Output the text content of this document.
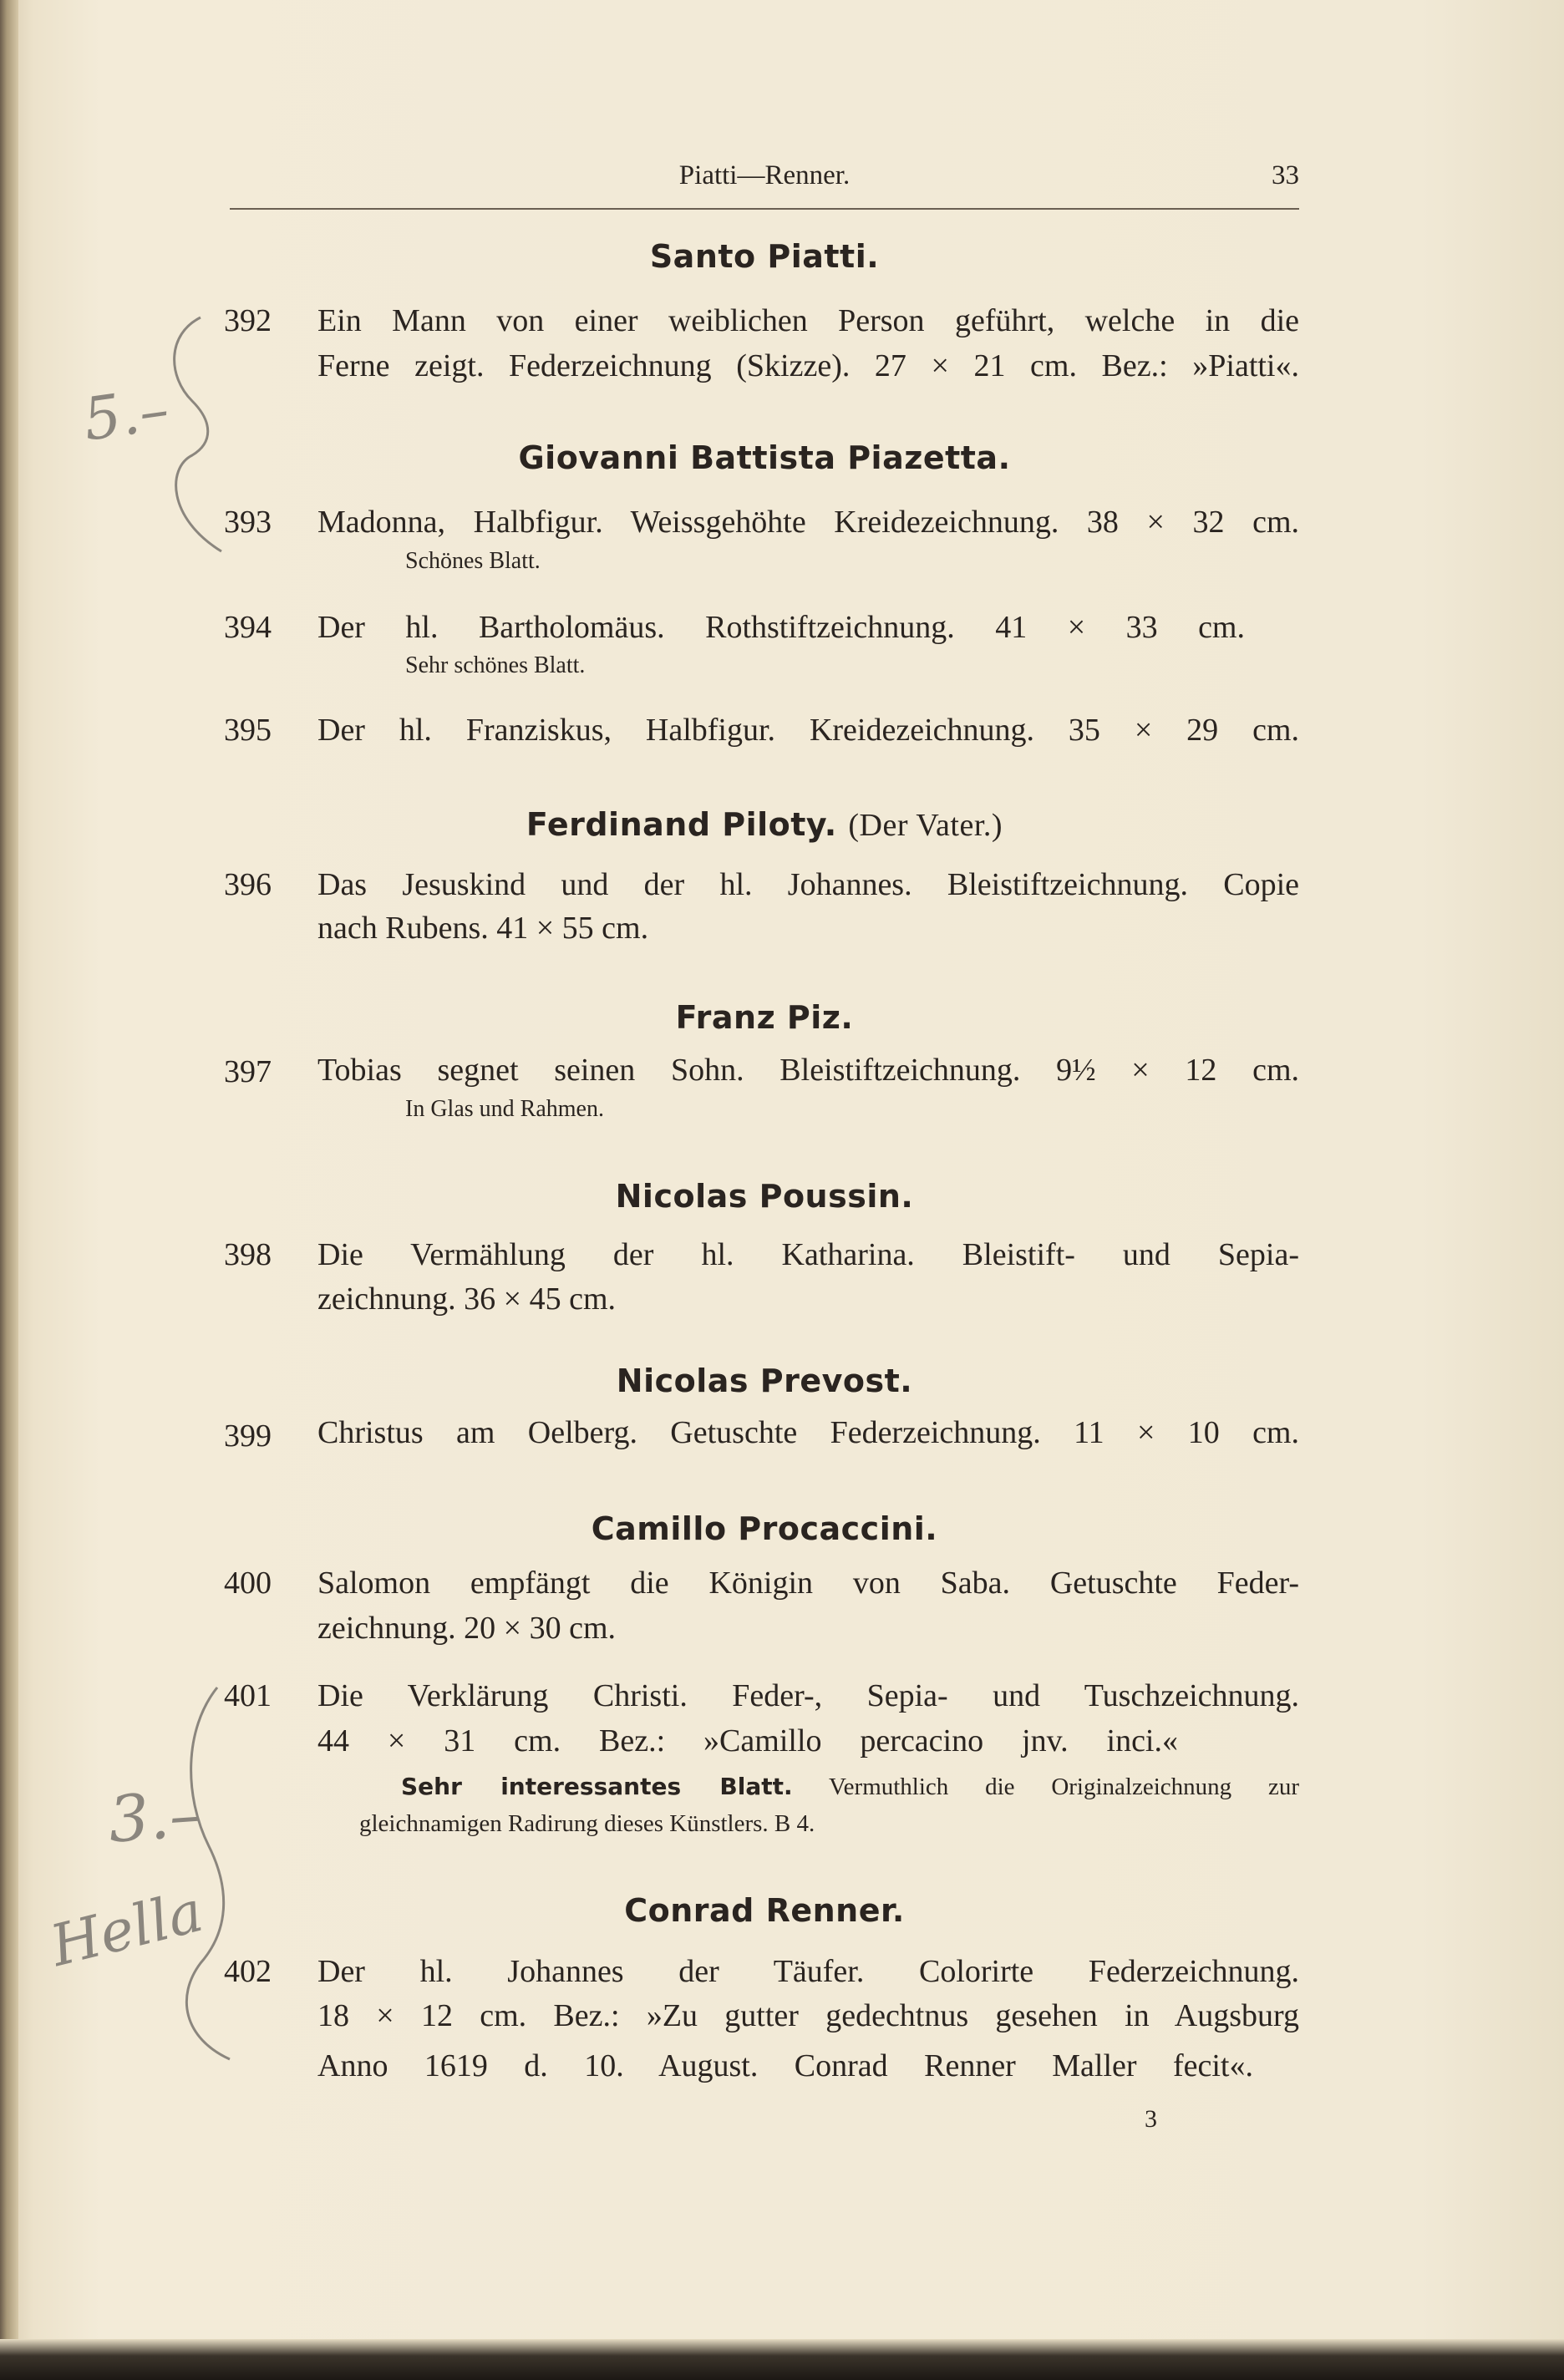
Piatti—Renner.	33
Santo Piatti.
392	Ein Mann von einer weiblichen Person geführt, welche in die
Ferne zeigt. Federzeichnung (Skizze). 27 × 21 cm. Bez.: »Piatti«.
Giovanni Battista Piazetta.
393	Madonna, Halbfigur. Weissgehöhte Kreidezeichnung. 38 × 32 cm.
Schönes Blatt.
394	Der hl. Bartholomäus. Rothstiftzeichnung. 41 × 33 cm.
Sehr schönes Blatt.
395	Der hl. Franziskus, Halbfigur. Kreidezeichnung. 35 × 29 cm.
Ferdinand Piloty. (Der Vater.)
396	Das Jesuskind und der hl. Johannes. Bleistiftzeichnung. Copie
nach Rubens. 41 × 55 cm.
Franz Piz.
397	Tobias segnet seinen Sohn. Bleistiftzeichnung. 9½ × 12 cm.
In Glas und Rahmen.
Nicolas Poussin.
398	Die Vermählung der hl. Katharina. Bleistift- und Sepia-
zeichnung. 36 × 45 cm.
Nicolas Prevost.
399	Christus am Oelberg. Getuschte Federzeichnung. 11 × 10 cm.
Camillo Procaccini.
400	Salomon empfängt die Königin von Saba. Getuschte Feder-
zeichnung. 20 × 30 cm.
401	Die Verklärung Christi. Feder-, Sepia- und Tuschzeichnung.
44 × 31 cm. Bez.: »Camillo percacino jnv. inci.«
Sehr interessantes Blatt. Vermuthlich die Originalzeichnung zur
gleichnamigen Radirung dieses Künstlers. B 4.
Conrad Renner.
402	Der hl. Johannes der Täufer. Colorirte Federzeichnung.
18 × 12 cm. Bez.: »Zu gutter gedechtnus gesehen in Augsburg
Anno 1619 d. 10. August. Conrad Renner Maller fecit«.
3
5.–
3.–
Hella
